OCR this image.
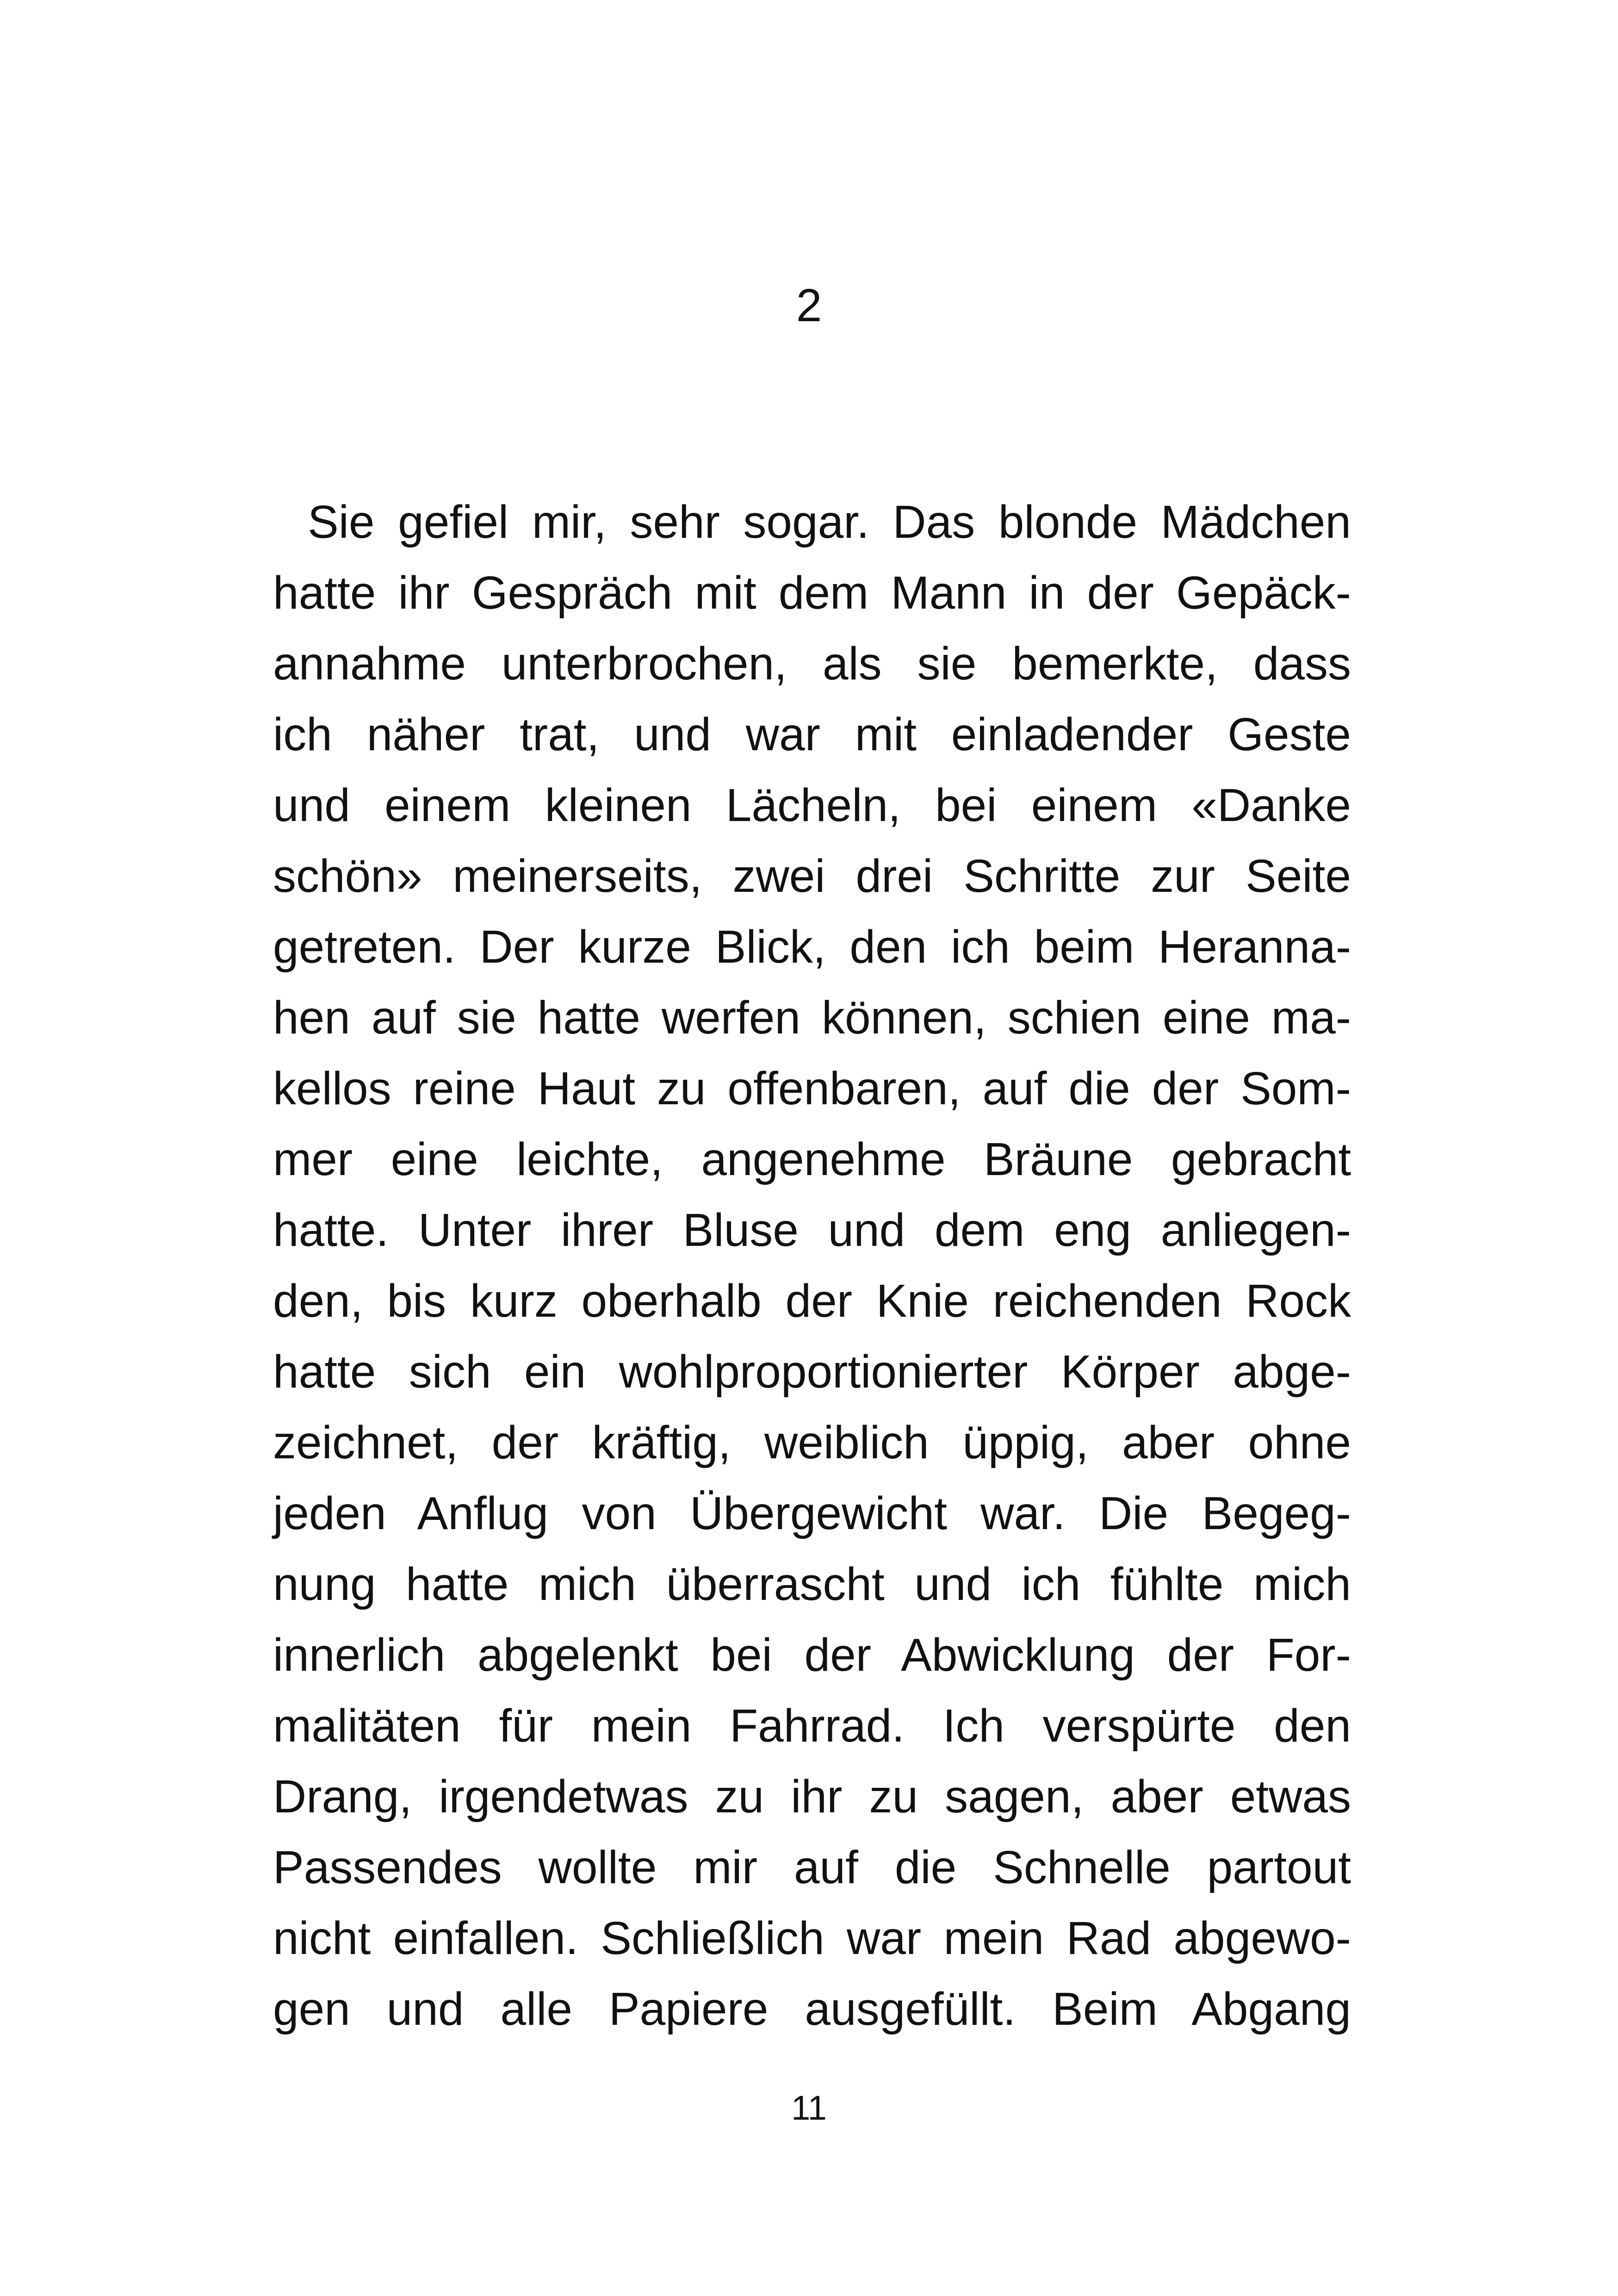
2
Sie gefiel mir, sehr sogar. Das blonde Mädchen
hatte ihr Gespräch mit dem Mann in der Gepäck-
annahme unterbrochen, als sie bemerkte, dass
ich näher trat, und war mit einladender Geste
und einem kleinen Lächeln, bei einem «Danke
schön» meinerseits, zwei drei Schritte zur Seite
getreten. Der kurze Blick, den ich beim Heranna-
hen auf sie hatte werfen können, schien eine ma-
kellos reine Haut zu offenbaren, auf die der Som-
mer eine leichte, angenehme Bräune gebracht
hatte. Unter ihrer Bluse und dem eng anliegen-
den, bis kurz oberhalb der Knie reichenden Rock
hatte sich ein wohlproportionierter Körper abge-
zeichnet, der kräftig, weiblich üppig, aber ohne
jeden Anflug von Übergewicht war. Die Begeg-
nung hatte mich überrascht und ich fühlte mich
innerlich abgelenkt bei der Abwicklung der For-
malitäten für mein Fahrrad. Ich verspürte den
Drang, irgendetwas zu ihr zu sagen, aber etwas
Passendes wollte mir auf die Schnelle partout
nicht einfallen. Schließlich war mein Rad abgewo-
gen und alle Papiere ausgefüllt. Beim Abgang
11
